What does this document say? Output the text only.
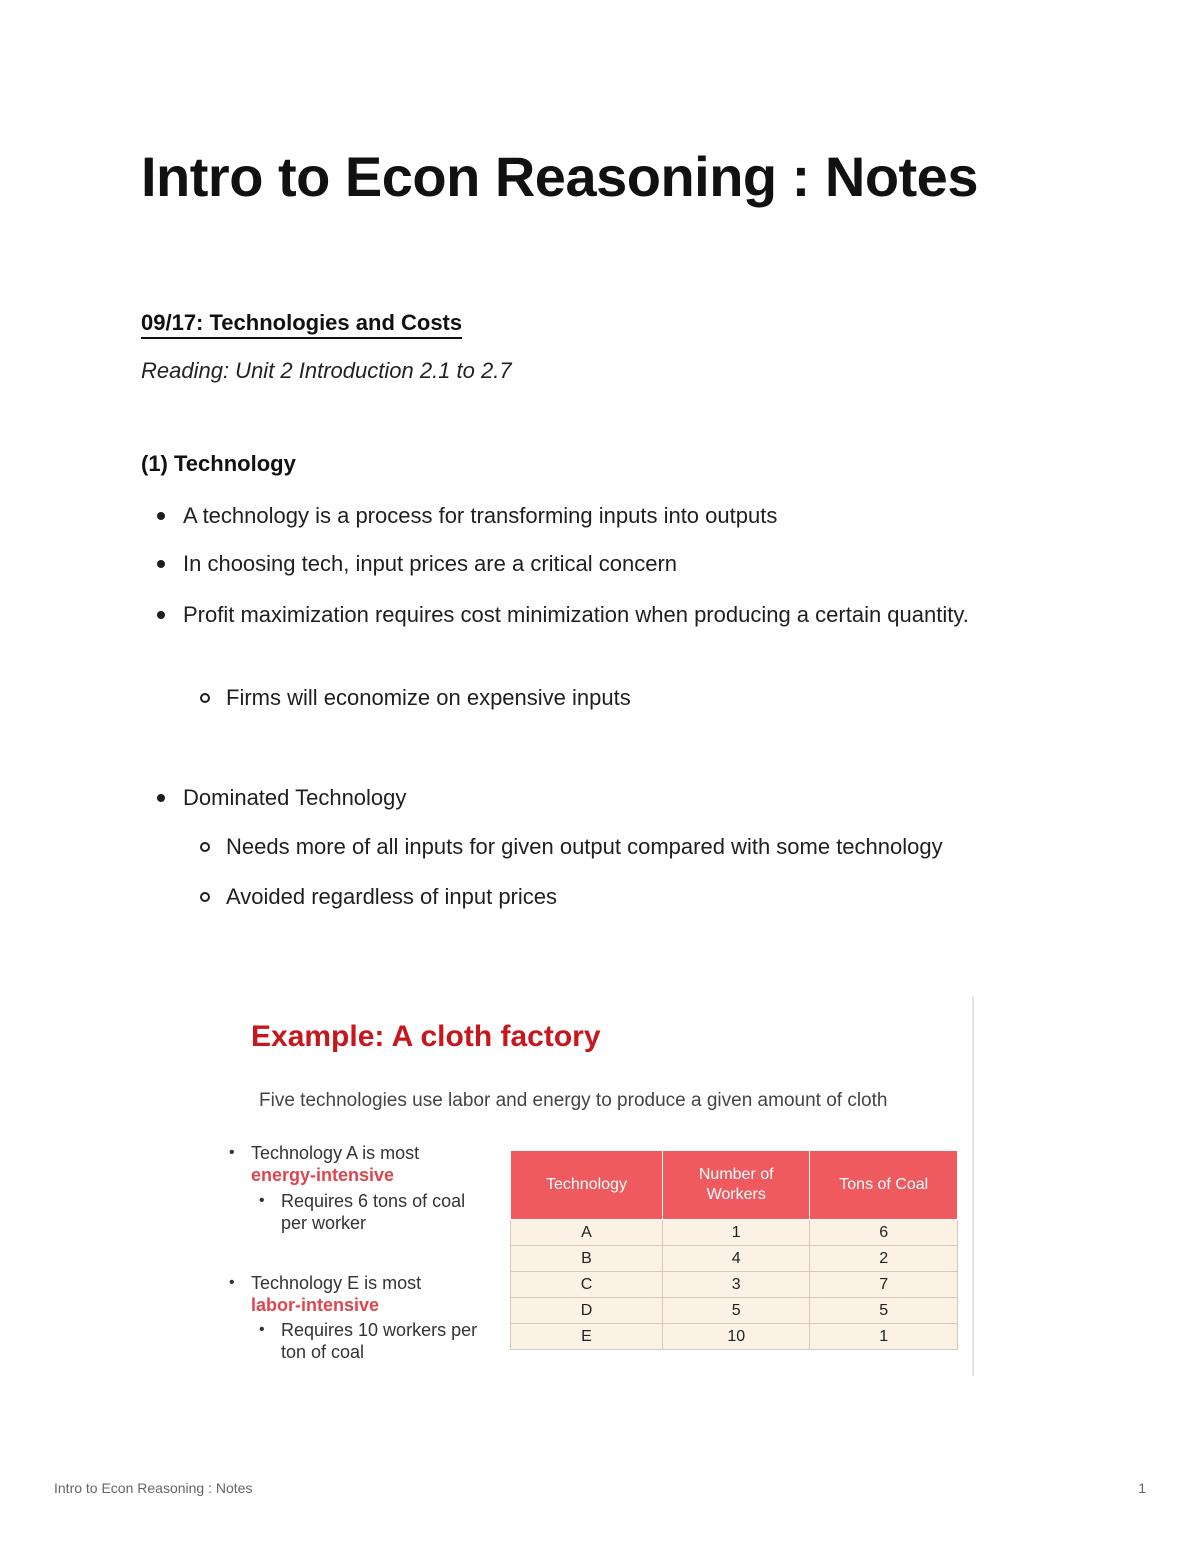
Intro to Econ Reasoning : Notes
09/17: Technologies and Costs
Reading: Unit 2 Introduction 2.1 to 2.7
(1) Technology
A technology is a process for transforming inputs into outputs
In choosing tech, input prices are a critical concern
Profit maximization requires cost minimization when producing a certain quantity.
Firms will economize on expensive inputs
Dominated Technology
Needs more of all inputs for given output compared with some technology
Avoided regardless of input prices
Example: A cloth factory
Five technologies use labor and energy to produce a given amount of cloth
• Technology A is most
energy-intensive
• Requires 6 tons of coal per worker
• Technology E is most
labor-intensive
• Requires 10 workers per ton of coal
Technology	Number of Workers	Tons of Coal
A	1	6
B	4	2
C	3	7
D	5	5
E	10	1
Intro to Econ Reasoning : Notes	1
